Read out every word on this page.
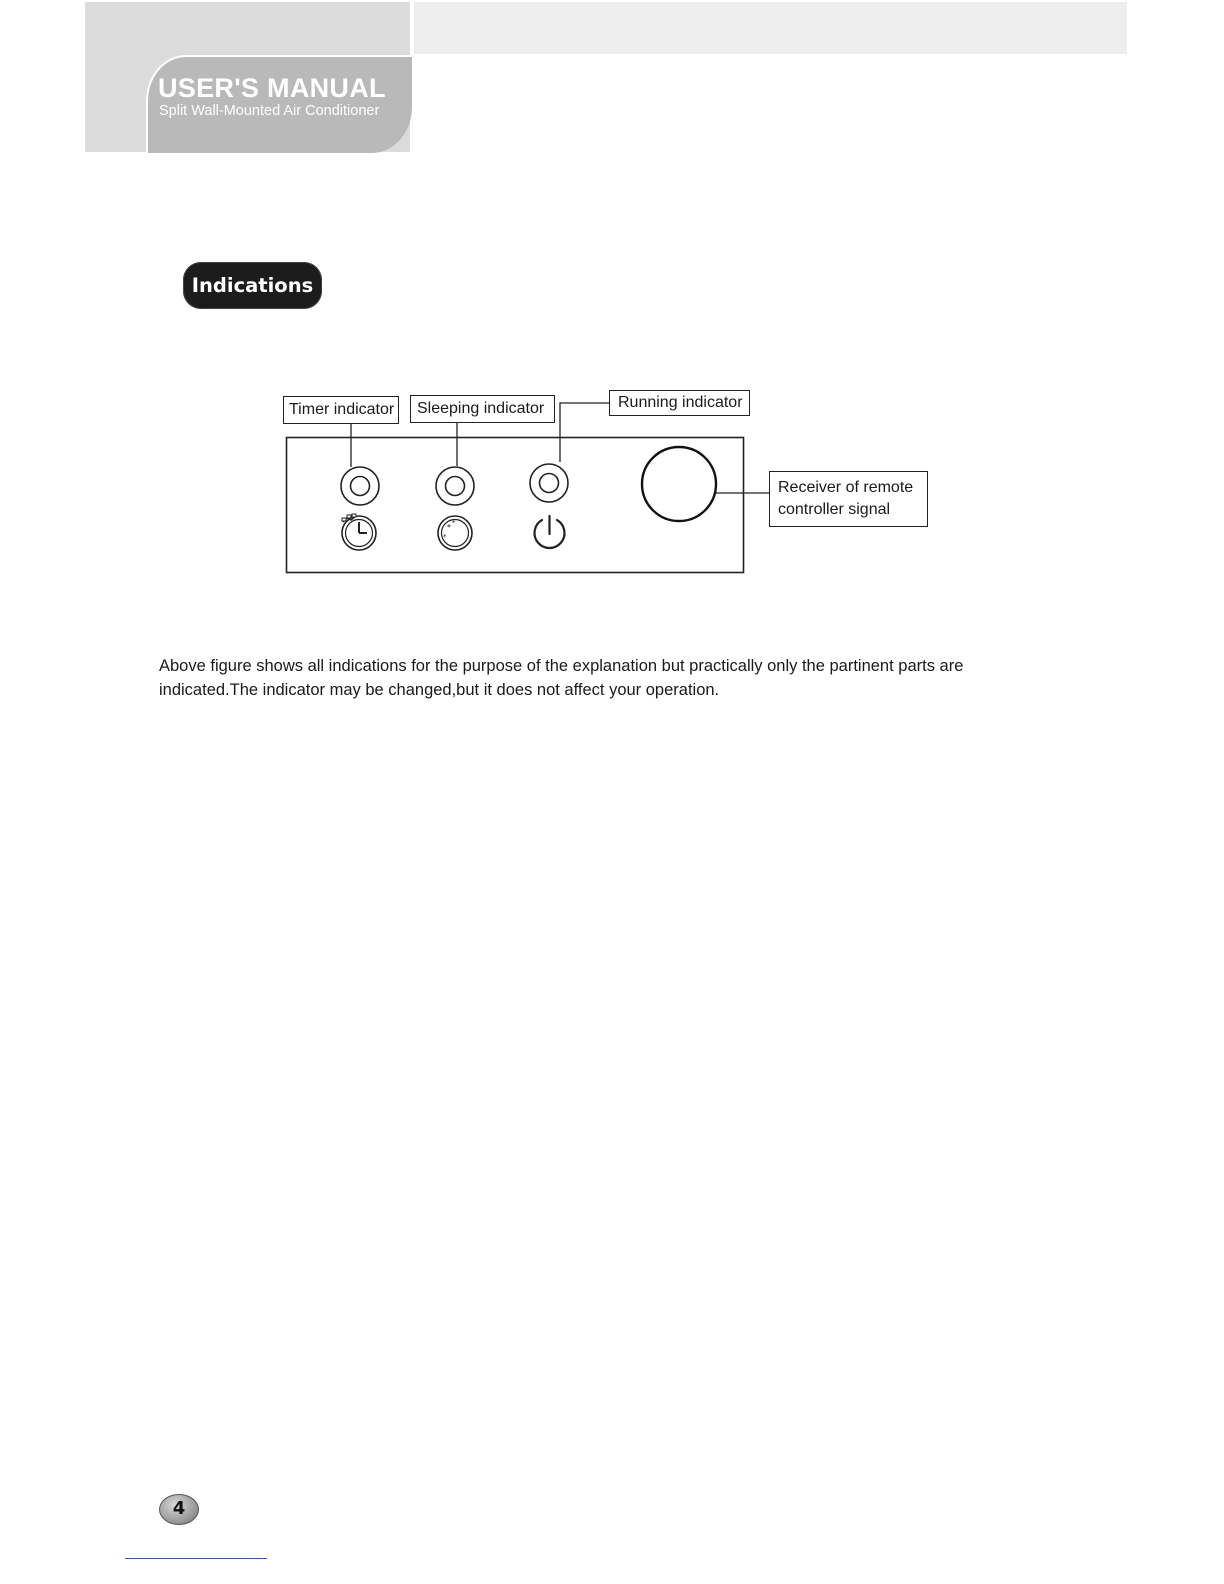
USER'S MANUAL
Split Wall-Mounted Air Conditioner
Indications
* *
*
Timer indicator	Sleeping indicator	Running indicator
Receiver of remote
controller signal
Above figure shows all indications for the purpose of the explanation but practically only the partinent parts are
indicated.The indicator may be changed,but it does not affect your operation.
4
